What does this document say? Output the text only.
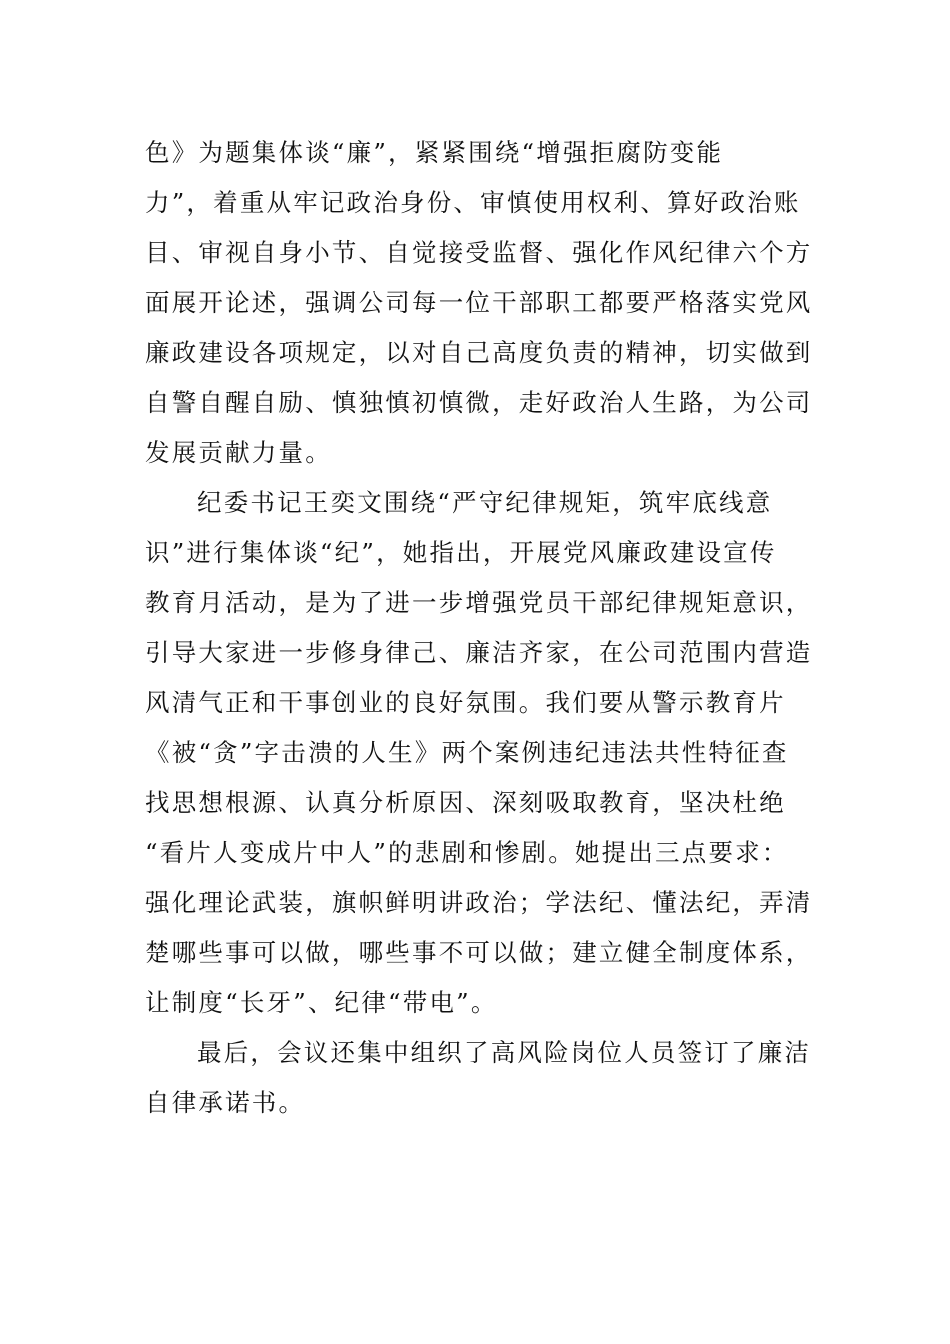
色》为题集体谈“廉”，紧紧围绕“增强拒腐防变能
力”，着重从牢记政治身份、审慎使用权利、算好政治账
目、审视自身小节、自觉接受监督、强化作风纪律六个方
面展开论述，强调公司每一位干部职工都要严格落实党风
廉政建设各项规定，以对自己高度负责的精神，切实做到
自警自醒自励、慎独慎初慎微，走好政治人生路，为公司
发展贡献力量。
纪委书记王奕文围绕“严守纪律规矩，筑牢底线意
识”进行集体谈“纪”，她指出，开展党风廉政建设宣传
教育月活动，是为了进一步增强党员干部纪律规矩意识，
引导大家进一步修身律己、廉洁齐家，在公司范围内营造
风清气正和干事创业的良好氛围。我们要从警示教育片
《被“贪”字击溃的人生》两个案例违纪违法共性特征查
找思想根源、认真分析原因、深刻吸取教育，坚决杜绝
“看片人变成片中人”的悲剧和惨剧。她提出三点要求：
强化理论武装，旗帜鲜明讲政治；学法纪、懂法纪，弄清
楚哪些事可以做，哪些事不可以做；建立健全制度体系，
让制度“长牙”、纪律“带电”。
最后，会议还集中组织了高风险岗位人员签订了廉洁
自律承诺书。
